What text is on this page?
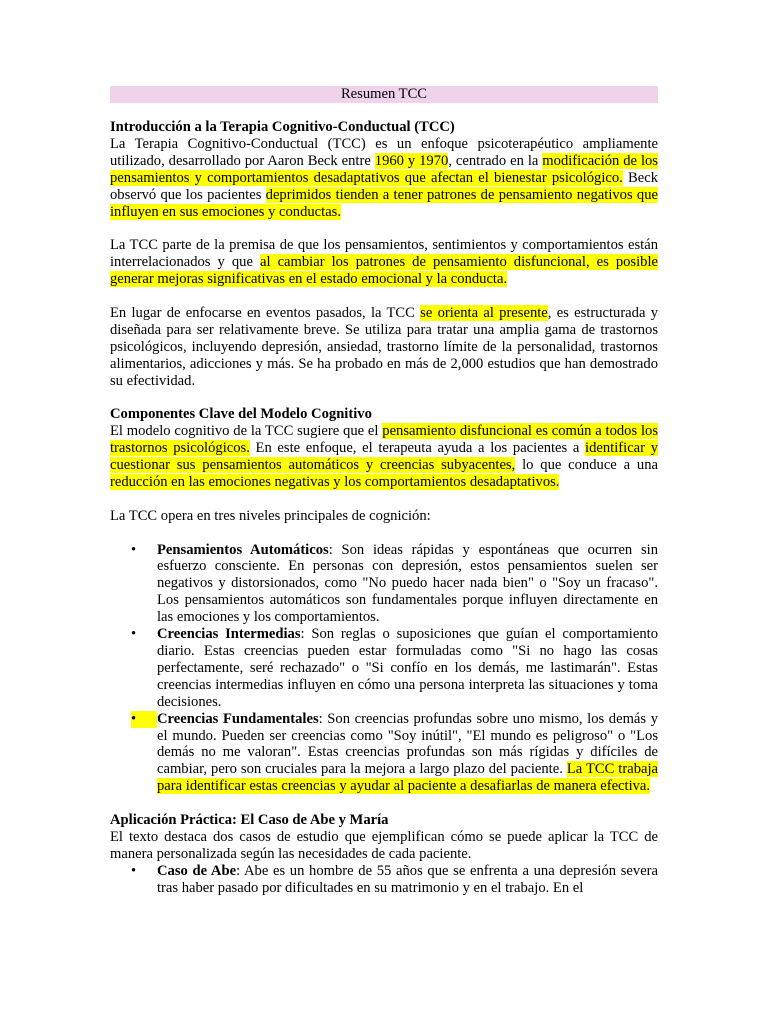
Resumen TCC
Introducción a la Terapia Cognitivo-Conductual (TCC)

La Terapia Cognitivo-Conductual (TCC) es un enfoque psicoterapéutico ampliamente utilizado, desarrollado por Aaron Beck entre 1960 y 1970, centrado en la modificación de los pensamientos y comportamientos desadaptativos que afectan el bienestar psicológico. Beck observó que los pacientes deprimidos tienden a tener patrones de pensamiento negativos que influyen en sus emociones y conductas.

La TCC parte de la premisa de que los pensamientos, sentimientos y comportamientos están interrelacionados y que al cambiar los patrones de pensamiento disfuncional, es posible generar mejoras significativas en el estado emocional y la conducta.

En lugar de enfocarse en eventos pasados, la TCC se orienta al presente, es estructurada y diseñada para ser relativamente breve. Se utiliza para tratar una amplia gama de trastornos psicológicos, incluyendo depresión, ansiedad, trastorno límite de la personalidad, trastornos alimentarios, adicciones y más. Se ha probado en más de 2,000 estudios que han demostrado su efectividad.

Componentes Clave del Modelo Cognitivo

El modelo cognitivo de la TCC sugiere que el pensamiento disfuncional es común a todos los trastornos psicológicos. En este enfoque, el terapeuta ayuda a los pacientes a identificar y cuestionar sus pensamientos automáticos y creencias subyacentes, lo que conduce a una reducción en las emociones negativas y los comportamientos desadaptativos.

La TCC opera en tres niveles principales de cognición:

•	Pensamientos Automáticos: Son ideas rápidas y espontáneas que ocurren sin esfuerzo consciente. En personas con depresión, estos pensamientos suelen ser negativos y distorsionados, como "No puedo hacer nada bien" o "Soy un fracaso". Los pensamientos automáticos son fundamentales porque influyen directamente en las emociones y los comportamientos.
•	Creencias Intermedias: Son reglas o suposiciones que guían el comportamiento diario. Estas creencias pueden estar formuladas como "Si no hago las cosas perfectamente, seré rechazado" o "Si confío en los demás, me lastimarán". Estas creencias intermedias influyen en cómo una persona interpreta las situaciones y toma decisiones.
•	Creencias Fundamentales: Son creencias profundas sobre uno mismo, los demás y el mundo. Pueden ser creencias como "Soy inútil", "El mundo es peligroso" o "Los demás no me valoran". Estas creencias profundas son más rígidas y difíciles de cambiar, pero son cruciales para la mejora a largo plazo del paciente. La TCC trabaja para identificar estas creencias y ayudar al paciente a desafiarlas de manera efectiva.
Aplicación Práctica: El Caso de Abe y María

El texto destaca dos casos de estudio que ejemplifican cómo se puede aplicar la TCC de manera personalizada según las necesidades de cada paciente.

•	Caso de Abe: Abe es un hombre de 55 años que se enfrenta a una depresión severa tras haber pasado por dificultades en su matrimonio y en el trabajo. En el
